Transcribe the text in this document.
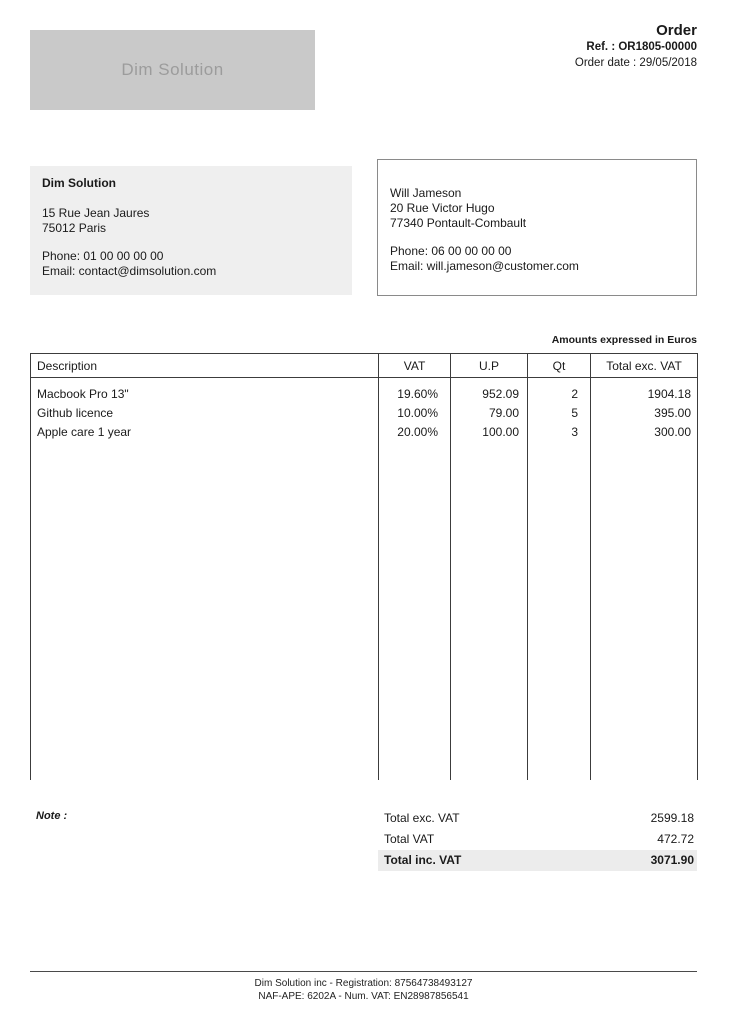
Dim Solution
Order
Ref. : OR1805-00000
Order date : 29/05/2018
Dim Solution
15 Rue Jean Jaures
75012 Paris
Phone: 01 00 00 00 00
Email: contact@dimsolution.com
Will Jameson
20 Rue Victor Hugo
77340 Pontault-Combault
Phone: 06 00 00 00 00
Email: will.jameson@customer.com
Amounts expressed in Euros
Description	VAT	U.P	Qt	Total exc. VAT
Macbook Pro 13"	19.60%	952.09	2	1904.18
Github licence	10.00%	79.00	5	395.00
Apple care 1 year	20.00%	100.00	3	300.00

Note :	Total exc. VAT	2599.18
Total VAT	472.72
Total inc. VAT	3071.90
Dim Solution inc - Registration: 87564738493127
NAF-APE: 6202A - Num. VAT: EN28987856541
